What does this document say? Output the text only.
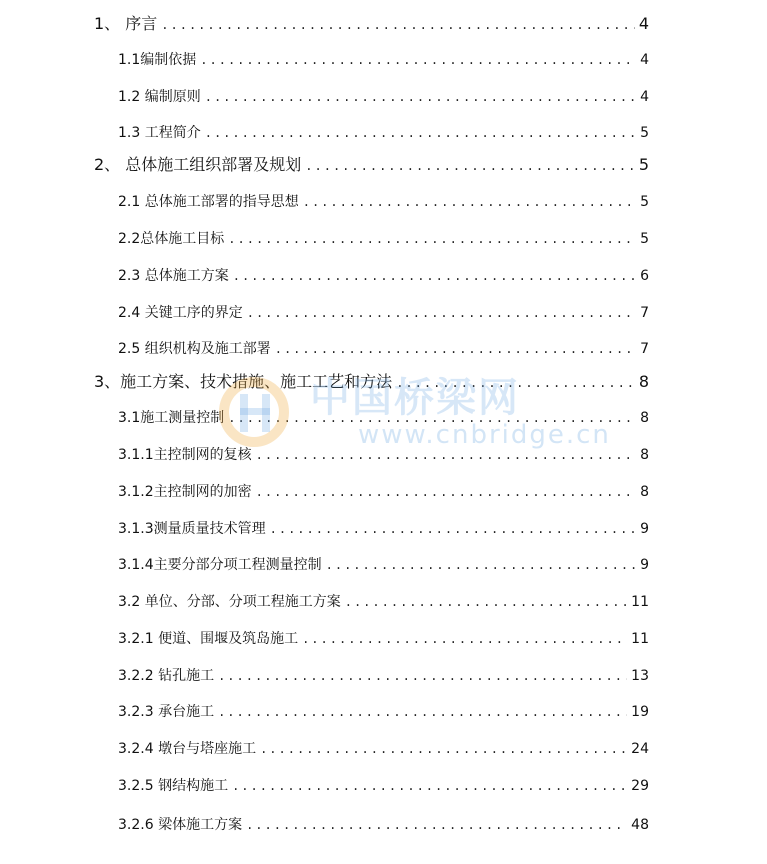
1、 序言 .....	4
1.1编制依据 .....	4
1.2 编制原则 .....	4
1.3 工程简介 .....	5
2、 总体施工组织部署及规划 .....	5
2.1 总体施工部署的指导思想 .....	5
2.2总体施工目标 .....	5
2.3 总体施工方案 .....	6
2.4 关键工序的界定 .....	7
2.5 组织机构及施工部署 .....	7
3、施工方案、技术措施、施工工艺和方法 .....	8
3.1施工测量控制 .....	8
3.1.1主控制网的复核 .....	8
3.1.2主控制网的加密 .....	8
3.1.3测量质量技术管理 .....	9
3.1.4主要分部分项工程测量控制 .....	9
3.2 单位、分部、分项工程施工方案 .....	11
3.2.1 便道、围堰及筑岛施工 .....	11
3.2.2 钻孔施工 .....	13
3.2.3 承台施工 .....	19
3.2.4 墩台与塔座施工 .....	24
3.2.5 钢结构施工 .....	29
3.2.6 梁体施工方案 .....	48
中国桥梁网
www.cnbridge.cn
